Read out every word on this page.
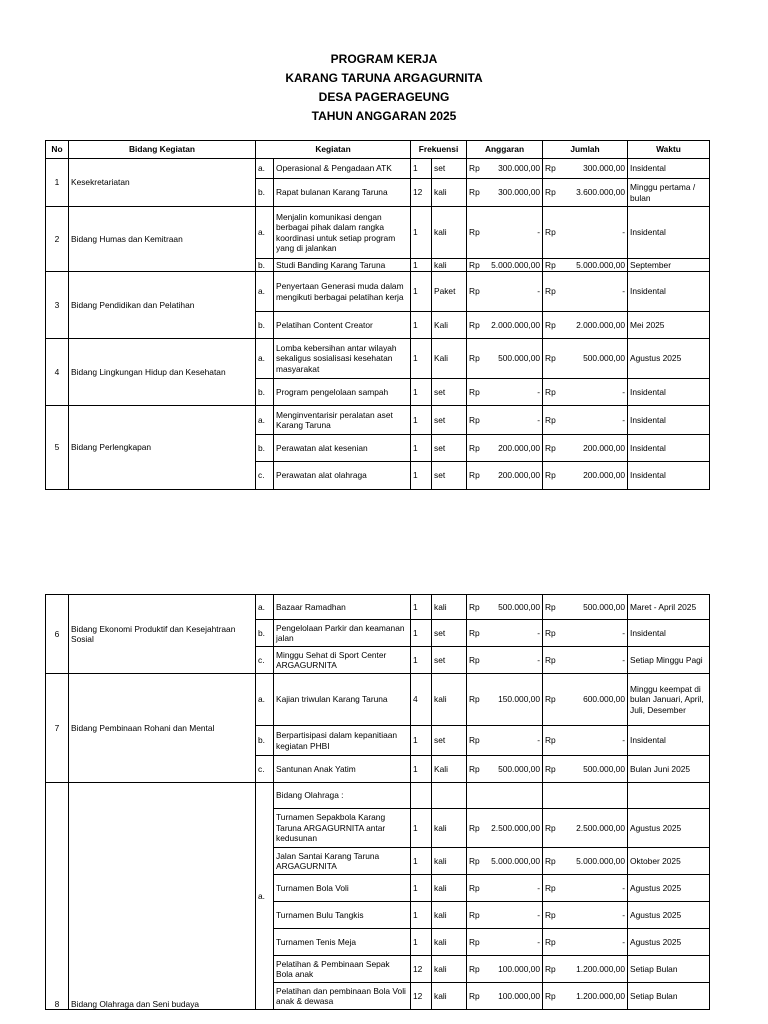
PROGRAM KERJA
KARANG TARUNA ARGAGURNITA
DESA PAGERAGEUNG
TAHUN ANGGARAN 2025
No	Bidang Kegiatan	Kegiatan		Frekuensi		Anggaran	Jumlah	Waktu
1	Kesekretariatan	a.	Operasional & Pengadaan ATK	1	set	Rp 300.000,00	Rp 300.000,00	Insidental
		b.	Rapat bulanan Karang Taruna	12	kali	Rp 300.000,00	Rp 3.600.000,00	Minggu pertama / bulan
2	Bidang Humas dan Kemitraan	a.	Menjalin komunikasi dengan berbagai pihak dalam rangka koordinasi untuk setiap program yang di jalankan	1	kali	Rp -	Rp -	Insidental
		b.	Studi Banding Karang Taruna	1	kali	Rp 5.000.000,00	Rp 5.000.000,00	September
3	Bidang Pendidikan dan Pelatihan	a.	Penyertaan Generasi muda dalam mengikuti berbagai pelatihan kerja	1	Paket	Rp -	Rp -	Insidental
		b.	Pelatihan Content Creator	1	Kali	Rp 2.000.000,00	Rp 2.000.000,00	Mei 2025
4	Bidang Lingkungan Hidup dan Kesehatan	a.	Lomba kebersihan antar wilayah sekaligus sosialisasi kesehatan masyarakat	1	Kali	Rp 500.000,00	Rp 500.000,00	Agustus 2025
		b.	Program pengelolaan sampah	1	set	Rp -	Rp -	Insidental
5	Bidang Perlengkapan	a.	Menginventarisir peralatan aset Karang Taruna	1	set	Rp -	Rp -	Insidental
		b.	Perawatan alat kesenian	1	set	Rp 200.000,00	Rp 200.000,00	Insidental
		c.	Perawatan alat olahraga	1	set	Rp 200.000,00	Rp 200.000,00	Insidental
6	Bidang Ekonomi Produktif dan Kesejahtraan Sosial	a.	Bazaar Ramadhan	1	kali	Rp 500.000,00	Rp 500.000,00	Maret - April 2025
		b.	Pengelolaan Parkir dan keamanan jalan	1	set	Rp -	Rp -	Insidental
		c.	Minggu Sehat di Sport Center ARGAGURNITA	1	set	Rp -	Rp -	Setiap Minggu Pagi
7	Bidang Pembinaan Rohani dan Mental	a.	Kajian triwulan Karang Taruna	4	kali	Rp 150.000,00	Rp 600.000,00	Minggu keempat di bulan Januari, April, Juli, Desember
		b.	Berpartisipasi dalam kepanitiaan kegiatan PHBI	1	set	Rp -	Rp -	Insidental
		c.	Santunan Anak Yatim	1	Kali	Rp 500.000,00	Rp 500.000,00	Bulan Juni 2025
8	Bidang Olahraga dan Seni budaya	a.	Bidang Olahraga :					
			Turnamen Sepakbola Karang Taruna ARGAGURNITA antar kedusunan	1	kali	Rp 2.500.000,00	Rp 2.500.000,00	Agustus 2025
			Jalan Santai Karang Taruna ARGAGURNITA	1	kali	Rp 5.000.000,00	Rp 5.000.000,00	Oktober 2025
			Turnamen Bola Voli	1	kali	Rp -	Rp -	Agustus 2025
			Turnamen Bulu Tangkis	1	kali	Rp -	Rp -	Agustus 2025
			Turnamen Tenis Meja	1	kali	Rp -	Rp -	Agustus 2025
			Pelatihan & Pembinaan Sepak Bola anak	12	kali	Rp 100.000,00	Rp 1.200.000,00	Setiap Bulan
			Pelatihan dan pembinaan Bola Voli anak & dewasa	12	kali	Rp 100.000,00	Rp 1.200.000,00	Setiap Bulan
